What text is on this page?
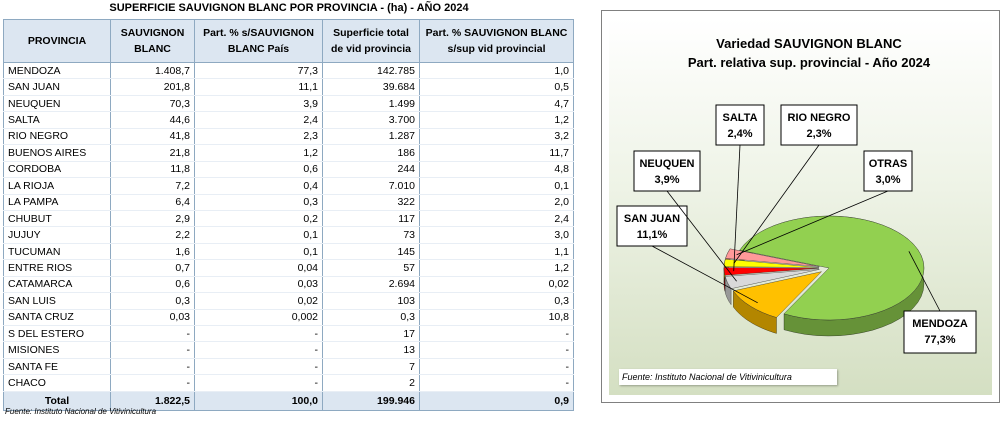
SUPERFICIE SAUVIGNON BLANC POR PROVINCIA - (ha) - AÑO 2024
PROVINCIA	SAUVIGNON BLANC	Part. % s/SAUVIGNON BLANC País	Superficie total de vid provincia	Part. % SAUVIGNON BLANC s/sup vid provincial
MENDOZA	1.408,7	77,3	142.785	1,0
SAN JUAN	201,8	11,1	39.684	0,5
NEUQUEN	70,3	3,9	1.499	4,7
SALTA	44,6	2,4	3.700	1,2
RIO NEGRO	41,8	2,3	1.287	3,2
BUENOS AIRES	21,8	1,2	186	11,7
CORDOBA	11,8	0,6	244	4,8
LA RIOJA	7,2	0,4	7.010	0,1
LA PAMPA	6,4	0,3	322	2,0
CHUBUT	2,9	0,2	117	2,4
JUJUY	2,2	0,1	73	3,0
TUCUMAN	1,6	0,1	145	1,1
ENTRE RIOS	0,7	0,04	57	1,2
CATAMARCA	0,6	0,03	2.694	0,02
SAN LUIS	0,3	0,02	103	0,3
SANTA CRUZ	0,03	0,002	0,3	10,8
S DEL ESTERO	-	-	17	-
MISIONES	-	-	13	-
SANTA FE	-	-	7	-
CHACO	-	-	2	-
Total	1.822,5	100,0	199.946	0,9
Fuente: Instituto Nacional de Vitivinicultura
Variedad SAUVIGNON BLANC
Part. relativa sup. provincial - Año 2024
MENDOZA
77,3%
SAN JUAN
11,1%
NEUQUEN
3,9%
SALTA
2,4%
RIO NEGRO
2,3%
OTRAS
3,0%
Fuente: Instituto Nacional de Vitivinicultura
